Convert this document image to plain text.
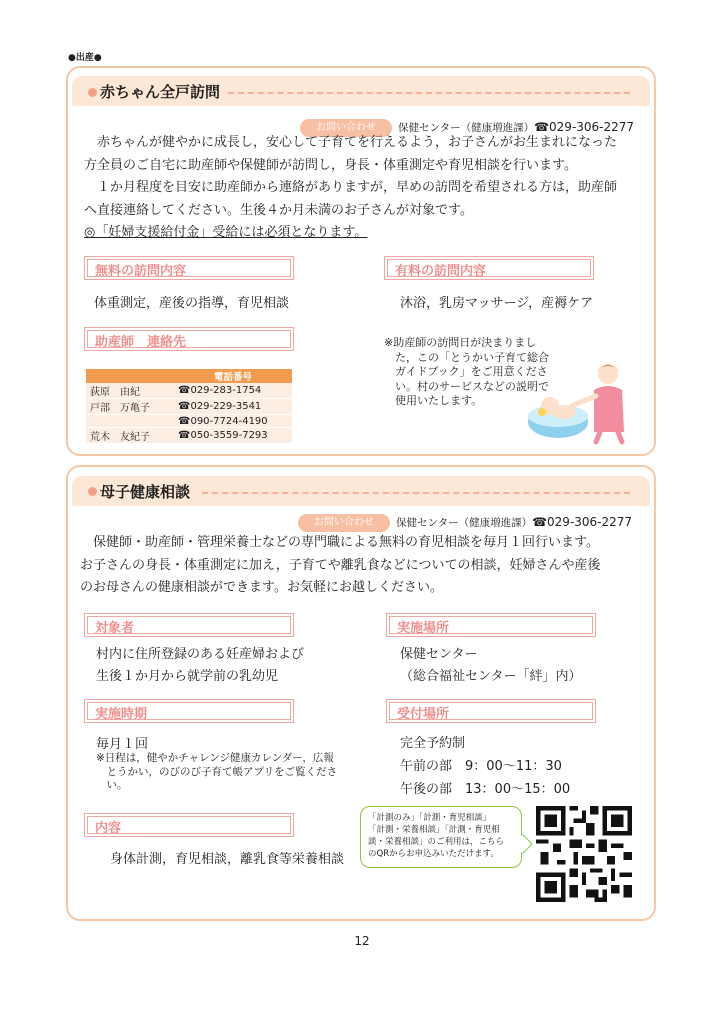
●出産●
赤ちゃん全戸訪問
お問い合わせ	保健センター（健康増進課）☎029-306-2277
　赤ちゃんが健やかに成長し，安心して子育てを行えるよう，お子さんがお生まれになった
方全員のご自宅に助産師や保健師が訪問し，身長・体重測定や育児相談を行います。
　１か月程度を目安に助産師から連絡がありますが，早めの訪問を希望される方は，助産師
へ直接連絡してください。生後４か月未満のお子さんが対象です。
◎「妊婦支援給付金」受給には必須となります。
無料の訪問内容
体重測定，産後の指導，育児相談
有料の訪問内容
沐浴，乳房マッサージ，産褥ケア
助産師　連絡先
	電話番号
荻原　由紀	☎029-283-1754
戸部　万亀子	☎029-229-3541
	☎090-7724-4190
荒木　友紀子	☎050-3559-7293
※助産師の訪問日が決まりまし
　た，この「とうかい子育て総合
　ガイドブック」をご用意くださ
　い。村のサービスなどの説明で
　使用いたします。
母子健康相談
お問い合わせ	保健センター（健康増進課）☎029-306-2277
　保健師・助産師・管理栄養士などの専門職による無料の育児相談を毎月１回行います。
お子さんの身長・体重測定に加え，子育てや離乳食などについての相談，妊婦さんや産後
のお母さんの健康相談ができます。お気軽にお越しください。
対象者
村内に住所登録のある妊産婦および
生後１か月から就学前の乳幼児
実施場所
保健センター
（総合福祉センター「絆」内）
実施時期
毎月１回
※日程は，健やかチャレンジ健康カレンダー，広報
　とうかい，のびのび子育て帳アプリをご覧くださ
　い。
受付場所
完全予約制
午前の部　9：00〜11：30
午後の部　13：00〜15：00
内容
身体計測，育児相談，離乳食等栄養相談
「計測のみ」「計測・育児相談」
「計測・栄養相談」「計測・育児相
談・栄養相談」のご利用は，こちら
のQRからお申込みいただけます。
12
